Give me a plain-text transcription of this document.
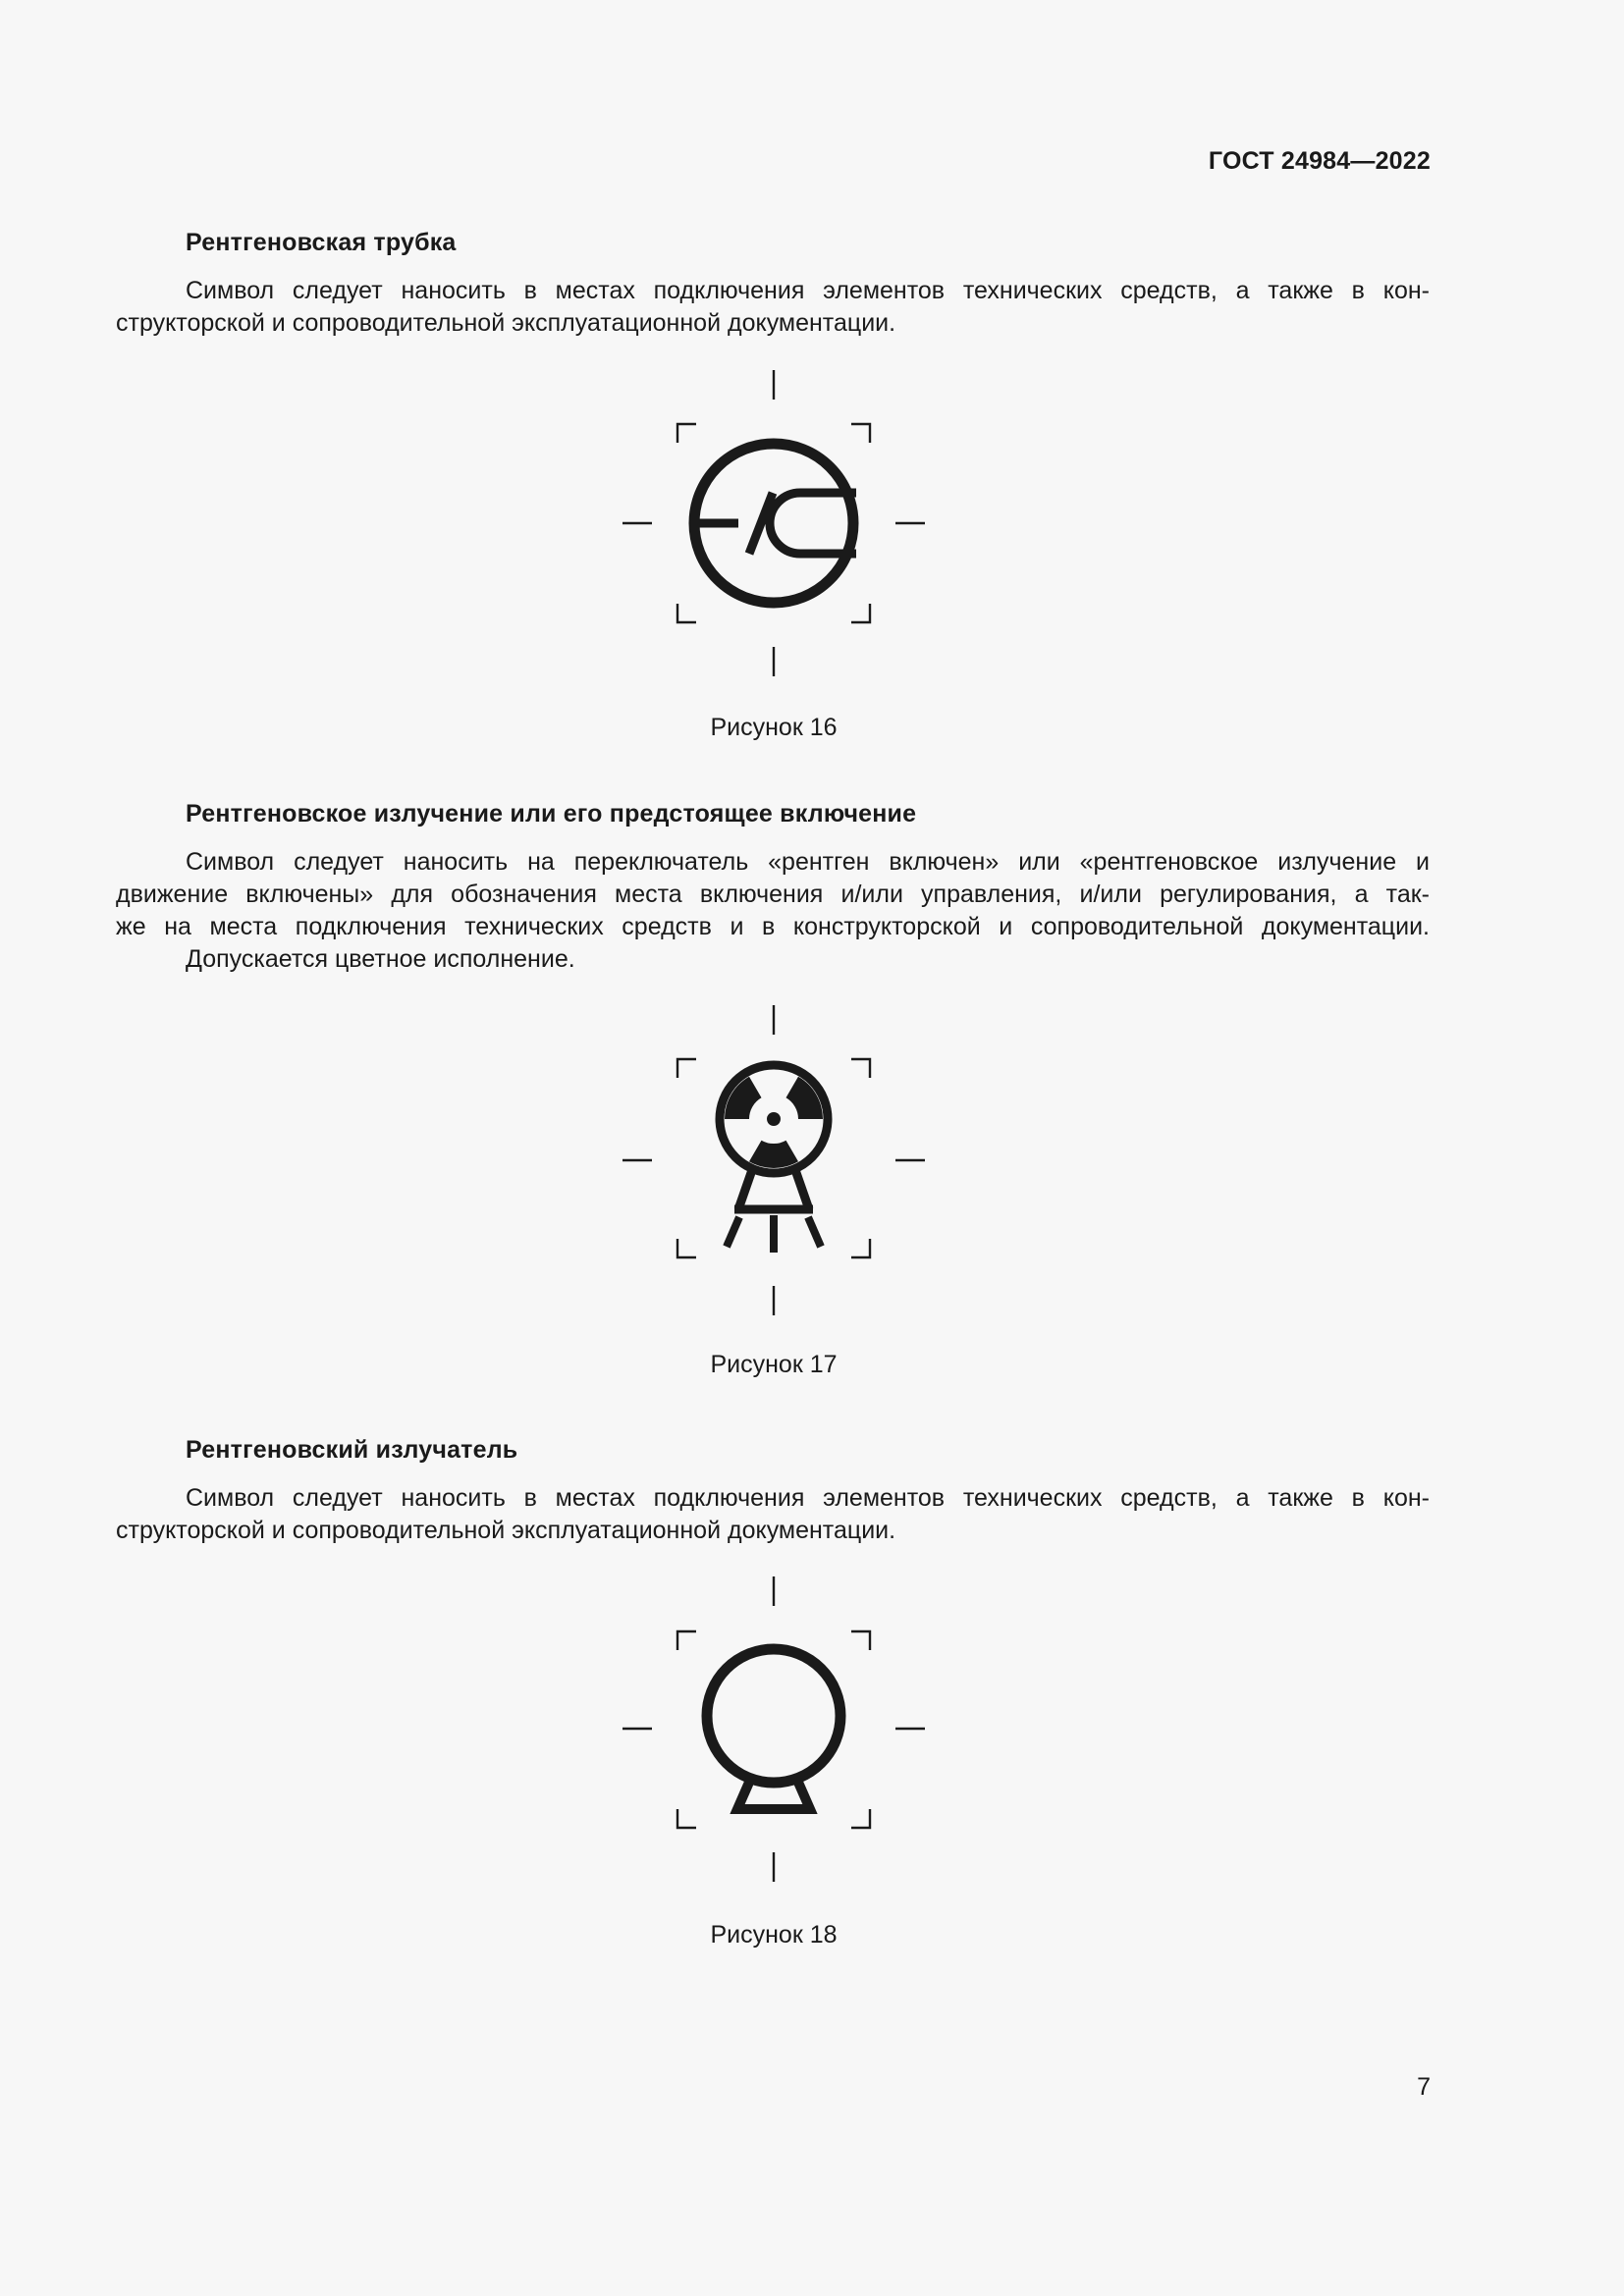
ГОСТ 24984—2022
Рентгеновская трубка
Символ следует наносить в местах подключения элементов технических средств, а также в кон-
структорской и сопроводительной эксплуатационной документации.
Рисунок 16
Рентгеновское излучение или его предстоящее включение
Символ следует наносить на переключатель «рентген включен» или «рентгеновское излучение и
движение включены» для обозначения места включения и/или управления, и/или регулирования, а так-
же на места подключения технических средств и в конструкторской и сопроводительной документации.
Допускается цветное исполнение.
Рисунок 17
Рентгеновский излучатель
Символ следует наносить в местах подключения элементов технических средств, а также в кон-
структорской и сопроводительной эксплуатационной документации.
Рисунок 18
7
